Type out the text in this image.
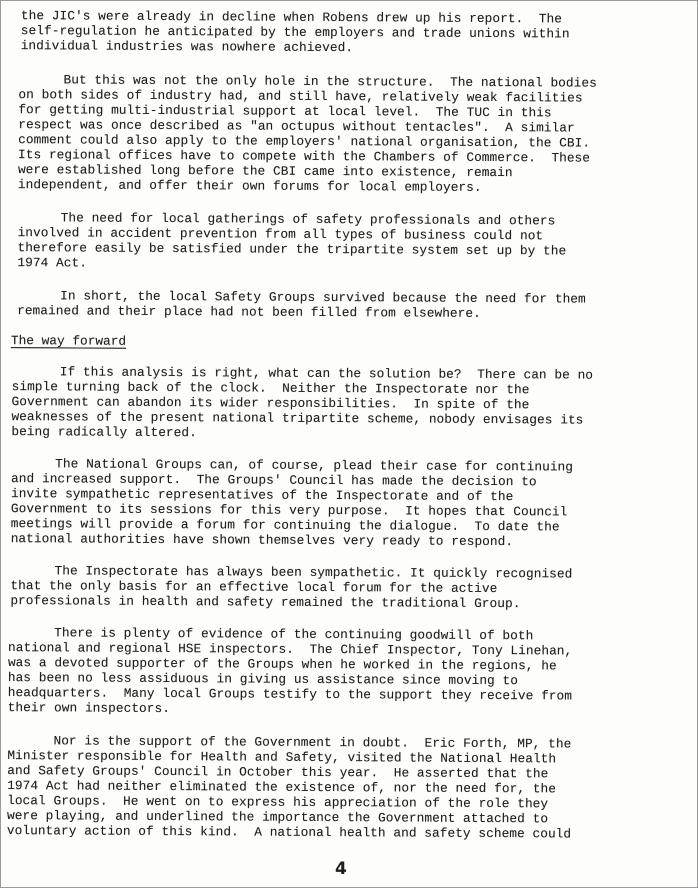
the JIC's were already in decline when Robens drew up his report.  The
self-regulation he anticipated by the employers and trade unions within
individual industries was nowhere achieved.
But this was not the only hole in the structure.  The national bodies
on both sides of industry had, and still have, relatively weak facilities
for getting multi-industrial support at local level.  The TUC in this
respect was once described as "an octupus without tentacles".  A similar
comment could also apply to the employers' national organisation, the CBI.
Its regional offices have to compete with the Chambers of Commerce.  These
were established long before the CBI came into existence, remain
independent, and offer their own forums for local employers.
The need for local gatherings of safety professionals and others
involved in accident prevention from all types of business could not
therefore easily be satisfied under the tripartite system set up by the
1974 Act.
In short, the local Safety Groups survived because the need for them
remained and their place had not been filled from elsewhere.
The way forward
If this analysis is right, what can the solution be?  There can be no
simple turning back of the clock.  Neither the Inspectorate nor the
Government can abandon its wider responsibilities.  In spite of the
weaknesses of the present national tripartite scheme, nobody envisages its
being radically altered.
The National Groups can, of course, plead their case for continuing
and increased support.  The Groups' Council has made the decision to
invite sympathetic representatives of the Inspectorate and of the
Government to its sessions for this very purpose.  It hopes that Council
meetings will provide a forum for continuing the dialogue.  To date the
national authorities have shown themselves very ready to respond.
The Inspectorate has always been sympathetic. It quickly recognised
that the only basis for an effective local forum for the active
professionals in health and safety remained the traditional Group.
There is plenty of evidence of the continuing goodwill of both
national and regional HSE inspectors.  The Chief Inspector, Tony Linehan,
was a devoted supporter of the Groups when he worked in the regions, he
has been no less assiduous in giving us assistance since moving to
headquarters.  Many local Groups testify to the support they receive from
their own inspectors.
Nor is the support of the Government in doubt.  Eric Forth, MP, the
Minister responsible for Health and Safety, visited the National Health
and Safety Groups' Council in October this year.  He asserted that the
1974 Act had neither eliminated the existence of, nor the need for, the
local Groups.  He went on to express his appreciation of the role they
were playing, and underlined the importance the Government attached to
voluntary action of this kind.  A national health and safety scheme could
4
